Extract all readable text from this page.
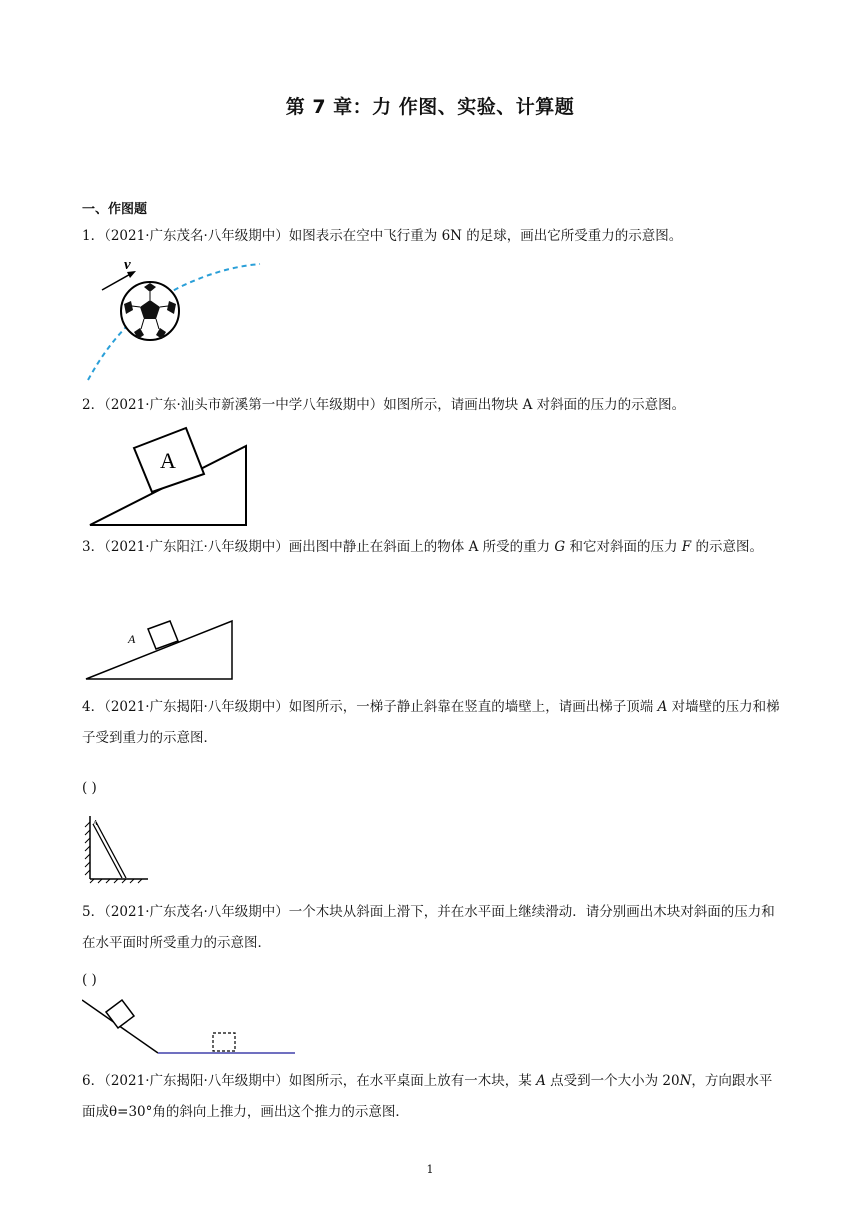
第 7 章：力 作图、实验、计算题
一、作图题
1．（2021·广东茂名·八年级期中）如图表示在空中飞行重为 6N 的足球，画出它所受重力的示意图。
v
2．（2021·广东·汕头市新溪第一中学八年级期中）如图所示，请画出物块 A 对斜面的压力的示意图。
A
3．（2021·广东阳江·八年级期中）画出图中静止在斜面上的物体 A 所受的重力 G 和它对斜面的压力 F 的示意图。
A
4．（2021·广东揭阳·八年级期中）如图所示，一梯子静止斜靠在竖直的墙壁上，请画出梯子顶端 A 对墙壁的压力和梯子受到重力的示意图．
( )
A
5．（2021·广东茂名·八年级期中）一个木块从斜面上滑下，并在水平面上继续滑动．请分别画出木块对斜面的压力和在水平面时所受重力的示意图．
( )
6．（2021·广东揭阳·八年级期中）如图所示，在水平桌面上放有一木块，某 A 点受到一个大小为 20N，方向跟水平面成θ=30°角的斜向上推力，画出这个推力的示意图．
1
